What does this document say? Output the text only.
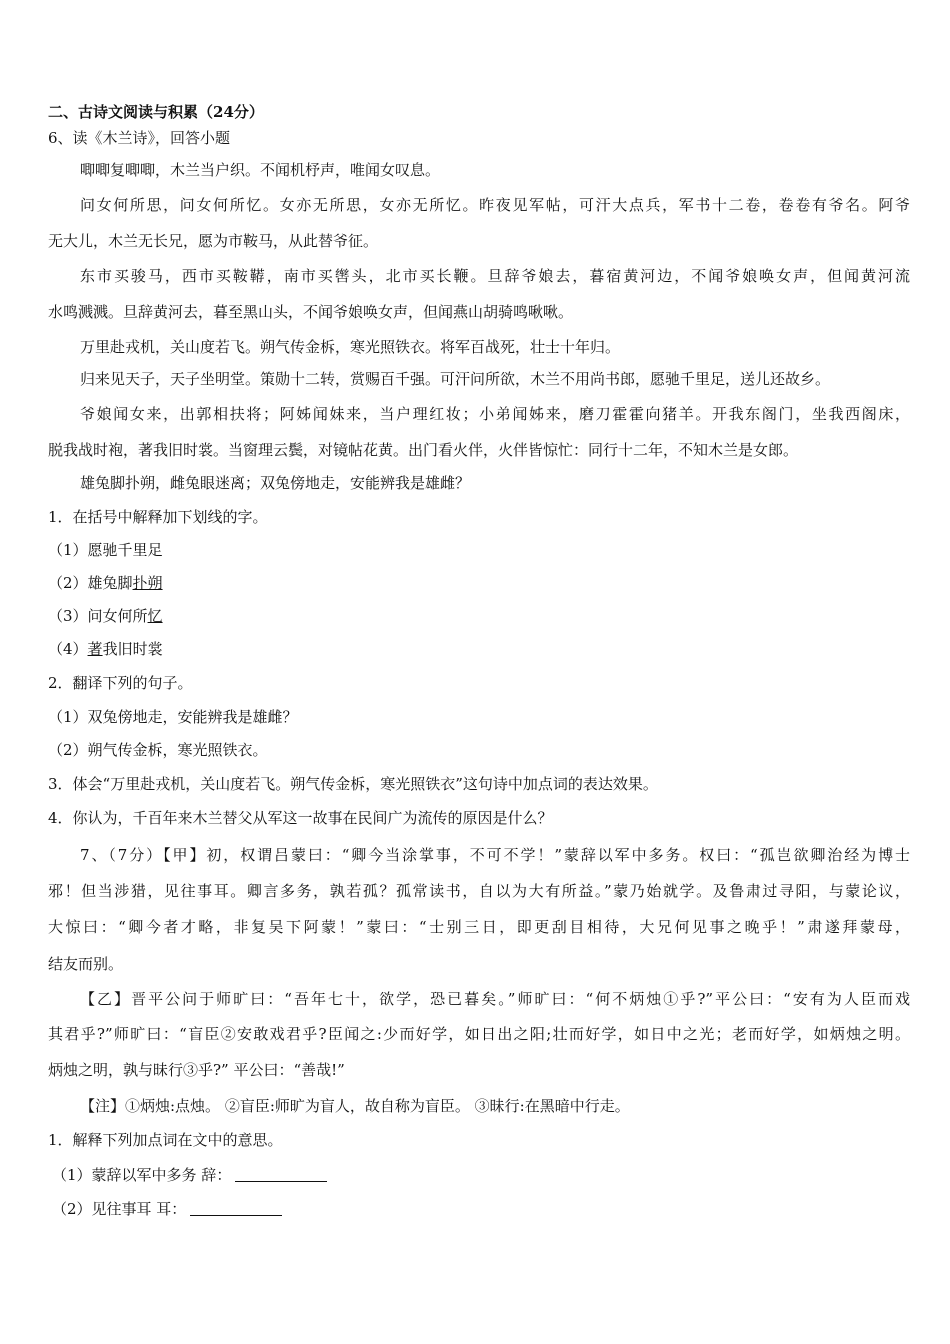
二、古诗文阅读与积累（24分）
6、读《木兰诗》，回答小题
唧唧复唧唧，木兰当户织。不闻机杼声，唯闻女叹息。
问女何所思，问女何所忆。女亦无所思，女亦无所忆。昨夜见军帖，可汗大点兵，军书十二卷，卷卷有爷名。阿爷
无大儿，木兰无长兄，愿为市鞍马，从此替爷征。
东市买骏马，西市买鞍鞯，南市买辔头，北市买长鞭。旦辞爷娘去，暮宿黄河边，不闻爷娘唤女声，但闻黄河流
水鸣溅溅。旦辞黄河去，暮至黑山头，不闻爷娘唤女声，但闻燕山胡骑鸣啾啾。
万里赴戎机，关山度若飞。朔气传金柝，寒光照铁衣。将军百战死，壮士十年归。
归来见天子，天子坐明堂。策勋十二转，赏赐百千强。可汗问所欲，木兰不用尚书郎，愿驰千里足，送儿还故乡。
爷娘闻女来，出郭相扶将；阿姊闻妹来，当户理红妆；小弟闻姊来，磨刀霍霍向猪羊。开我东阁门，坐我西阁床，
脱我战时袍，著我旧时裳。当窗理云鬓，对镜帖花黄。出门看火伴，火伴皆惊忙：同行十二年，不知木兰是女郎。
雄兔脚扑朔，雌兔眼迷离；双兔傍地走，安能辨我是雄雌？
1．在括号中解释加下划线的字。
（1）愿驰千里足
（2）雄兔脚扑朔
（3）问女何所忆
（4）著我旧时裳
2．翻译下列的句子。
（1）双兔傍地走，安能辨我是雄雌？
（2）朔气传金柝，寒光照铁衣。
3．体会“万里赴戎机，关山度若飞。朔气传金柝，寒光照铁衣”这句诗中加点词的表达效果。
4．你认为，千百年来木兰替父从军这一故事在民间广为流传的原因是什么？
7、（7分）【甲】初，权谓吕蒙曰：“卿今当涂掌事，不可不学！”蒙辞以军中多务。权曰：“孤岂欲卿治经为博士
邪！但当涉猎，见往事耳。卿言多务，孰若孤？孤常读书，自以为大有所益。”蒙乃始就学。及鲁肃过寻阳，与蒙论议，
大惊曰：“卿今者才略，非复吴下阿蒙！”蒙曰：“士别三日，即更刮目相待，大兄何见事之晚乎！”肃遂拜蒙母，
结友而别。
【乙】晋平公问于师旷曰：“吾年七十，欲学，恐已暮矣。”师旷曰：“何不炳烛①乎?”平公曰：“安有为人臣而戏
其君乎?”师旷曰：“盲臣②安敢戏君乎?臣闻之:少而好学，如日出之阳;壮而好学，如日中之光；老而好学，如炳烛之明。
炳烛之明，孰与昧行③乎?” 平公曰：“善哉!”
【注】①炳烛:点烛。 ②盲臣:师旷为盲人，故自称为盲臣。 ③昧行:在黑暗中行走。
1．解释下列加点词在文中的意思。
（1）蒙辞以军中多务 辞：
（2）见往事耳 耳：
